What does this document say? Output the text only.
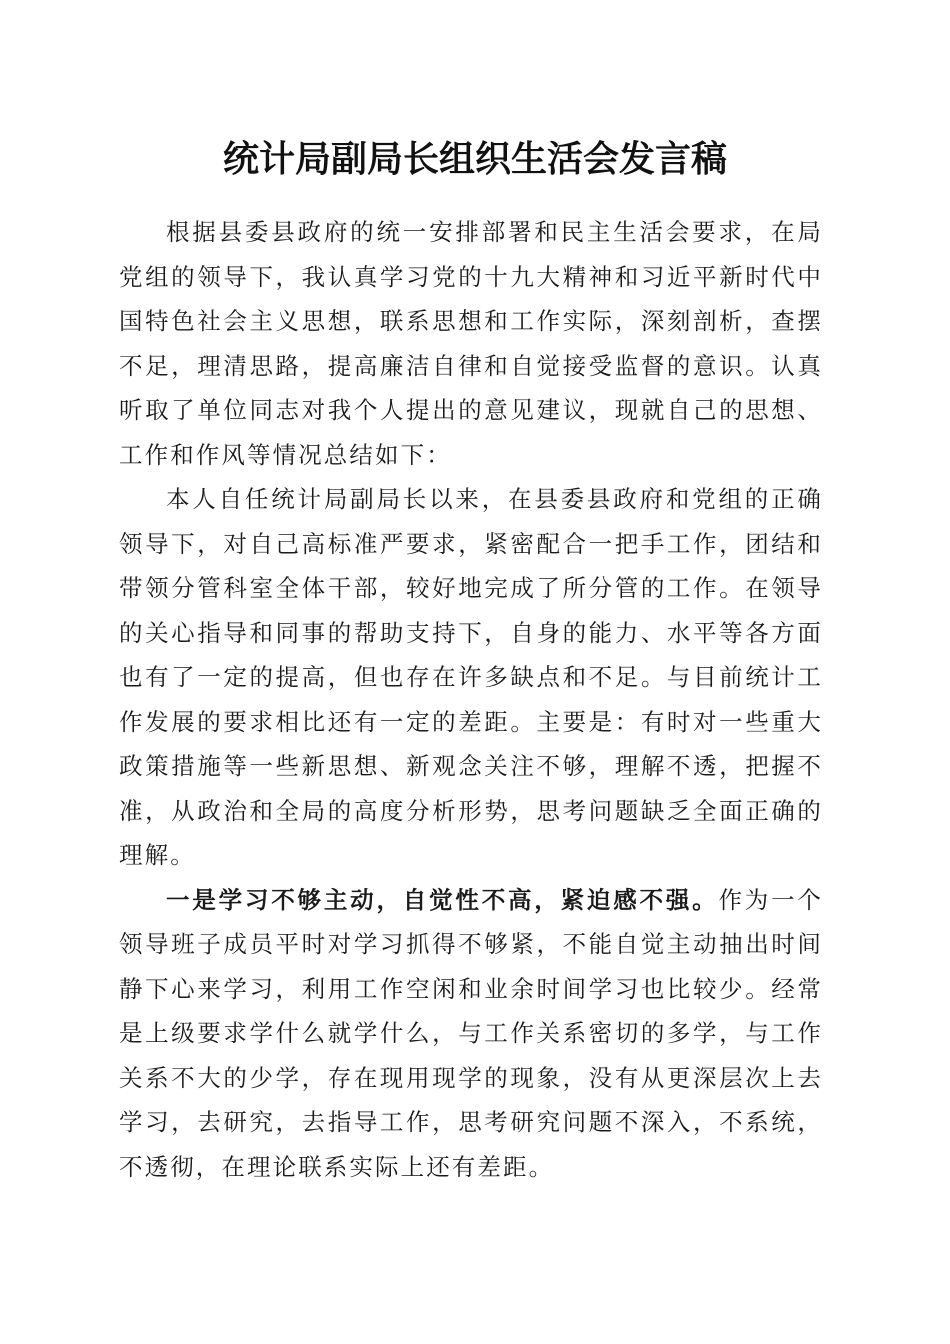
统计局副局长组织生活会发言稿

根据县委县政府的统一安排部署和民主生活会要求，在局党组的领导下，我认真学习党的十九大精神和习近平新时代中国特色社会主义思想，联系思想和工作实际，深刻剖析，查摆不足，理清思路，提高廉洁自律和自觉接受监督的意识。认真听取了单位同志对我个人提出的意见建议，现就自己的思想、工作和作风等情况总结如下：

本人自任统计局副局长以来，在县委县政府和党组的正确领导下，对自己高标准严要求，紧密配合一把手工作，团结和带领分管科室全体干部，较好地完成了所分管的工作。在领导的关心指导和同事的帮助支持下，自身的能力、水平等各方面也有了一定的提高，但也存在许多缺点和不足。与目前统计工作发展的要求相比还有一定的差距。主要是：有时对一些重大政策措施等一些新思想、新观念关注不够，理解不透，把握不准，从政治和全局的高度分析形势，思考问题缺乏全面正确的理解。

一是学习不够主动，自觉性不高，紧迫感不强。作为一个领导班子成员平时对学习抓得不够紧，不能自觉主动抽出时间静下心来学习，利用工作空闲和业余时间学习也比较少。经常是上级要求学什么就学什么，与工作关系密切的多学，与工作关系不大的少学，存在现用现学的现象，没有从更深层次上去学习，去研究，去指导工作，思考研究问题不深入，不系统，不透彻，在理论联系实际上还有差距。
